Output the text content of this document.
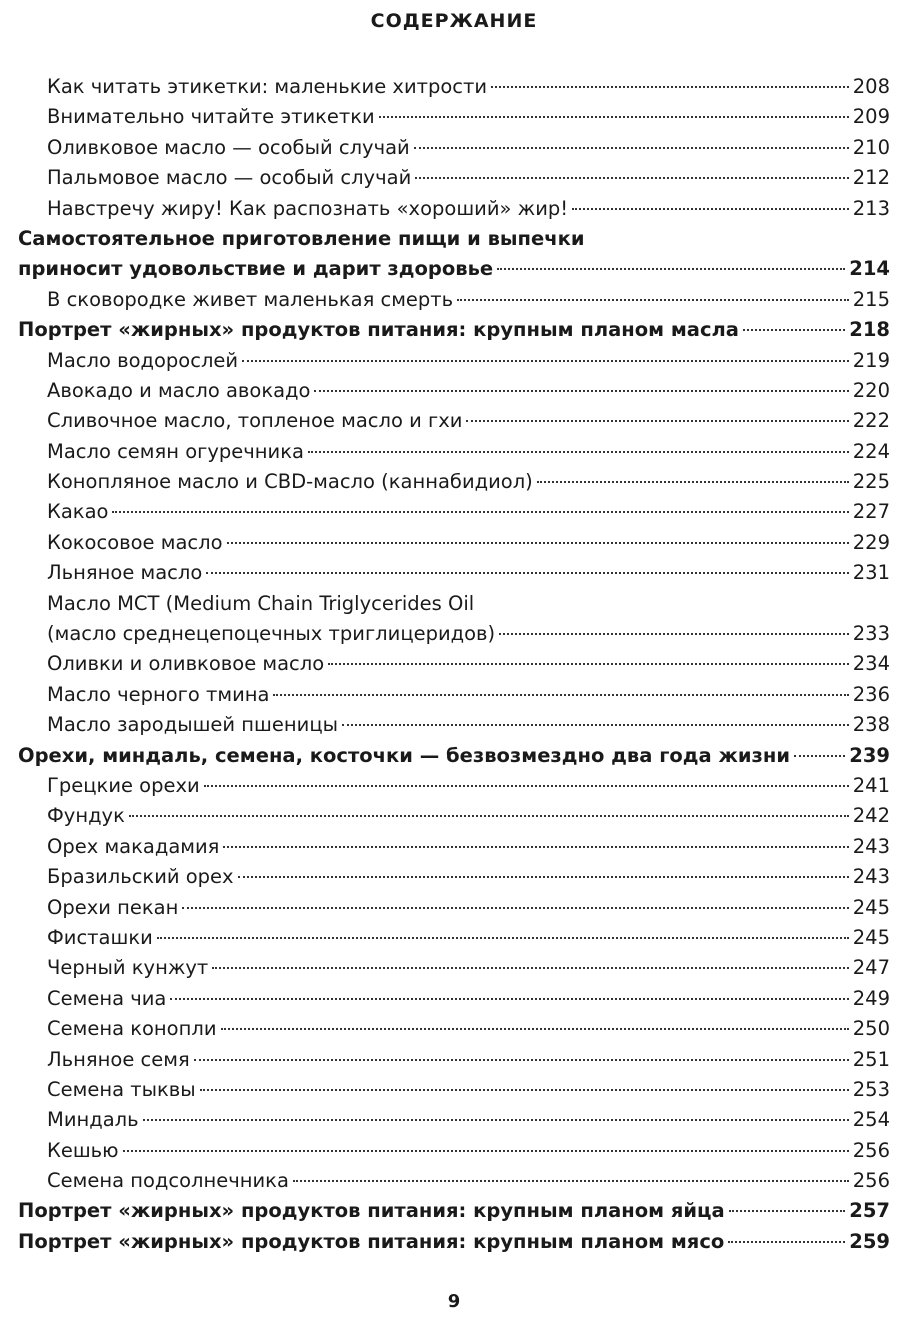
СОДЕРЖАНИЕ
Как читать этикетки: маленькие хитрости	208
Внимательно читайте этикетки	209
Оливковое масло — особый случай	210
Пальмовое масло — особый случай	212
Навстречу жиру! Как распознать «хороший» жир!	213
Самостоятельное приготовление пищи и выпечки
приносит удовольствие и дарит здоровье	214
В сковородке живет маленькая смерть	215
Портрет «жирных» продуктов питания: крупным планом масла	218
Масло водорослей	219
Авокадо и масло авокадо	220
Сливочное масло, топленое масло и гхи	222
Масло семян огуречника	224
Конопляное масло и CBD-масло (каннабидиол)	225
Какао	227
Кокосовое масло	229
Льняное масло	231
Масло MCT (Medium Chain Triglycerides Oil
(масло среднецепоцечных триглицеридов)	233
Оливки и оливковое масло	234
Масло черного тмина	236
Масло зародышей пшеницы	238
Орехи, миндаль, семена, косточки — безвозмездно два года жизни	239
Грецкие орехи	241
Фундук	242
Орех макадамия	243
Бразильский орех	243
Орехи пекан	245
Фисташки	245
Черный кунжут	247
Семена чиа	249
Семена конопли	250
Льняное семя	251
Семена тыквы	253
Миндаль	254
Кешью	256
Семена подсолнечника	256
Портрет «жирных» продуктов питания: крупным планом яйца	257
Портрет «жирных» продуктов питания: крупным планом мясо	259
9
